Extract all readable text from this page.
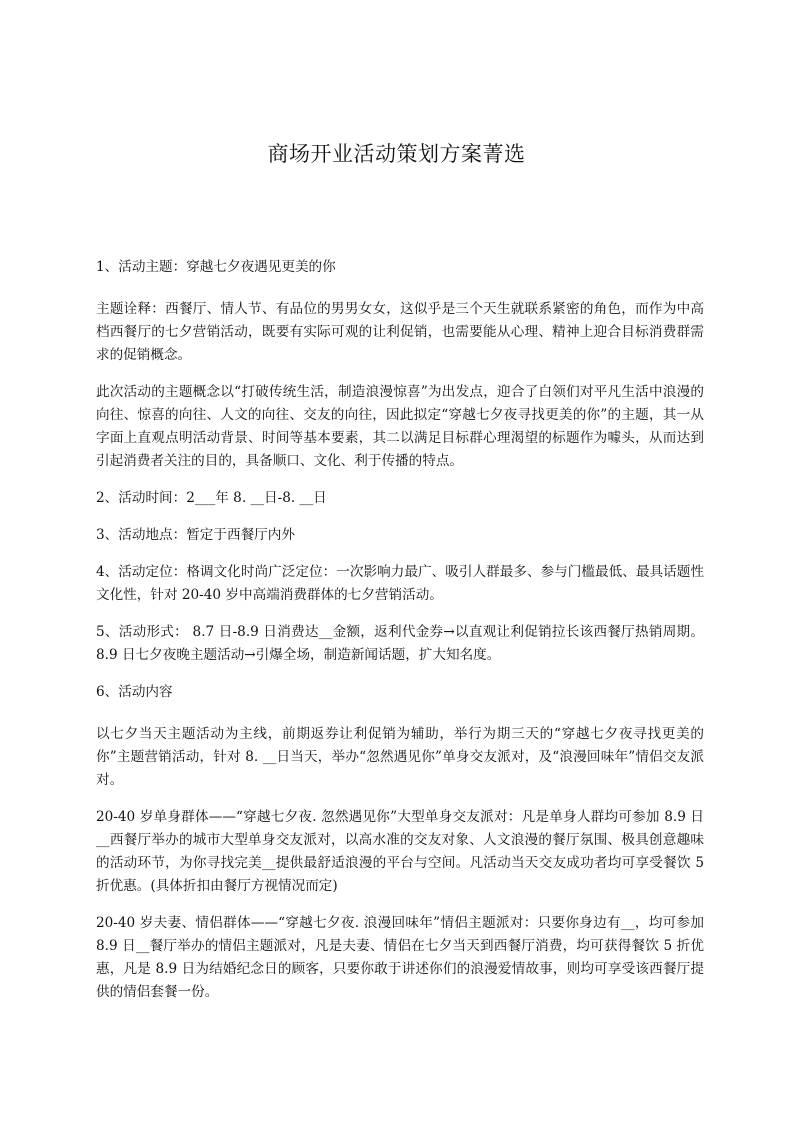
商场开业活动策划方案菁选

1、活动主题：穿越七夕夜遇见更美的你

主题诠释：西餐厅、情人节、有品位的男男女女，这似乎是三个天生就联系紧密的角色，而作为中高档西餐厅的七夕营销活动，既要有实际可观的让利促销，也需要能从心理、精神上迎合目标消费群需求的促销概念。

此次活动的主题概念以“打破传统生活，制造浪漫惊喜”为出发点，迎合了白领们对平凡生活中浪漫的向往、惊喜的向往、人文的向往、交友的向往，因此拟定“穿越七夕夜寻找更美的你”的主题，其一从字面上直观点明活动背景、时间等基本要素，其二以满足目标群心理渴望的标题作为噱头，从而达到引起消费者关注的目的，具备顺口、文化、利于传播的特点。

2、活动时间：2___年 8. __日-8. __日

3、活动地点：暂定于西餐厅内外

4、活动定位：格调文化时尚广泛定位：一次影响力最广、吸引人群最多、参与门槛最低、最具话题性文化性，针对 20-40 岁中高端消费群体的七夕营销活动。

5、活动形式： 8.7 日-8.9 日消费达__金额，返利代金券→以直观让利促销拉长该西餐厅热销周期。8.9 日七夕夜晚主题活动→引爆全场，制造新闻话题，扩大知名度。

6、活动内容

以七夕当天主题活动为主线，前期返券让利促销为辅助，举行为期三天的“穿越七夕夜寻找更美的你”主题营销活动，针对 8. __日当天，举办“忽然遇见你”单身交友派对，及“浪漫回味年”情侣交友派对。

20-40 岁单身群体——“穿越七夕夜. 忽然遇见你”大型单身交友派对：凡是单身人群均可参加 8.9 日__西餐厅举办的城市大型单身交友派对，以高水准的交友对象、人文浪漫的餐厅氛围、极具创意趣味的活动环节，为你寻找完美__提供最舒适浪漫的平台与空间。凡活动当天交友成功者均可享受餐饮 5 折优惠。(具体折扣由餐厅方视情况而定)

20-40 岁夫妻、情侣群体——“穿越七夕夜. 浪漫回味年”情侣主题派对：只要你身边有__，均可参加 8.9 日__餐厅举办的情侣主题派对，凡是夫妻、情侣在七夕当天到西餐厅消费，均可获得餐饮 5 折优惠，凡是 8.9 日为结婚纪念日的顾客，只要你敢于讲述你们的浪漫爱情故事，则均可享受该西餐厅提供的情侣套餐一份。
